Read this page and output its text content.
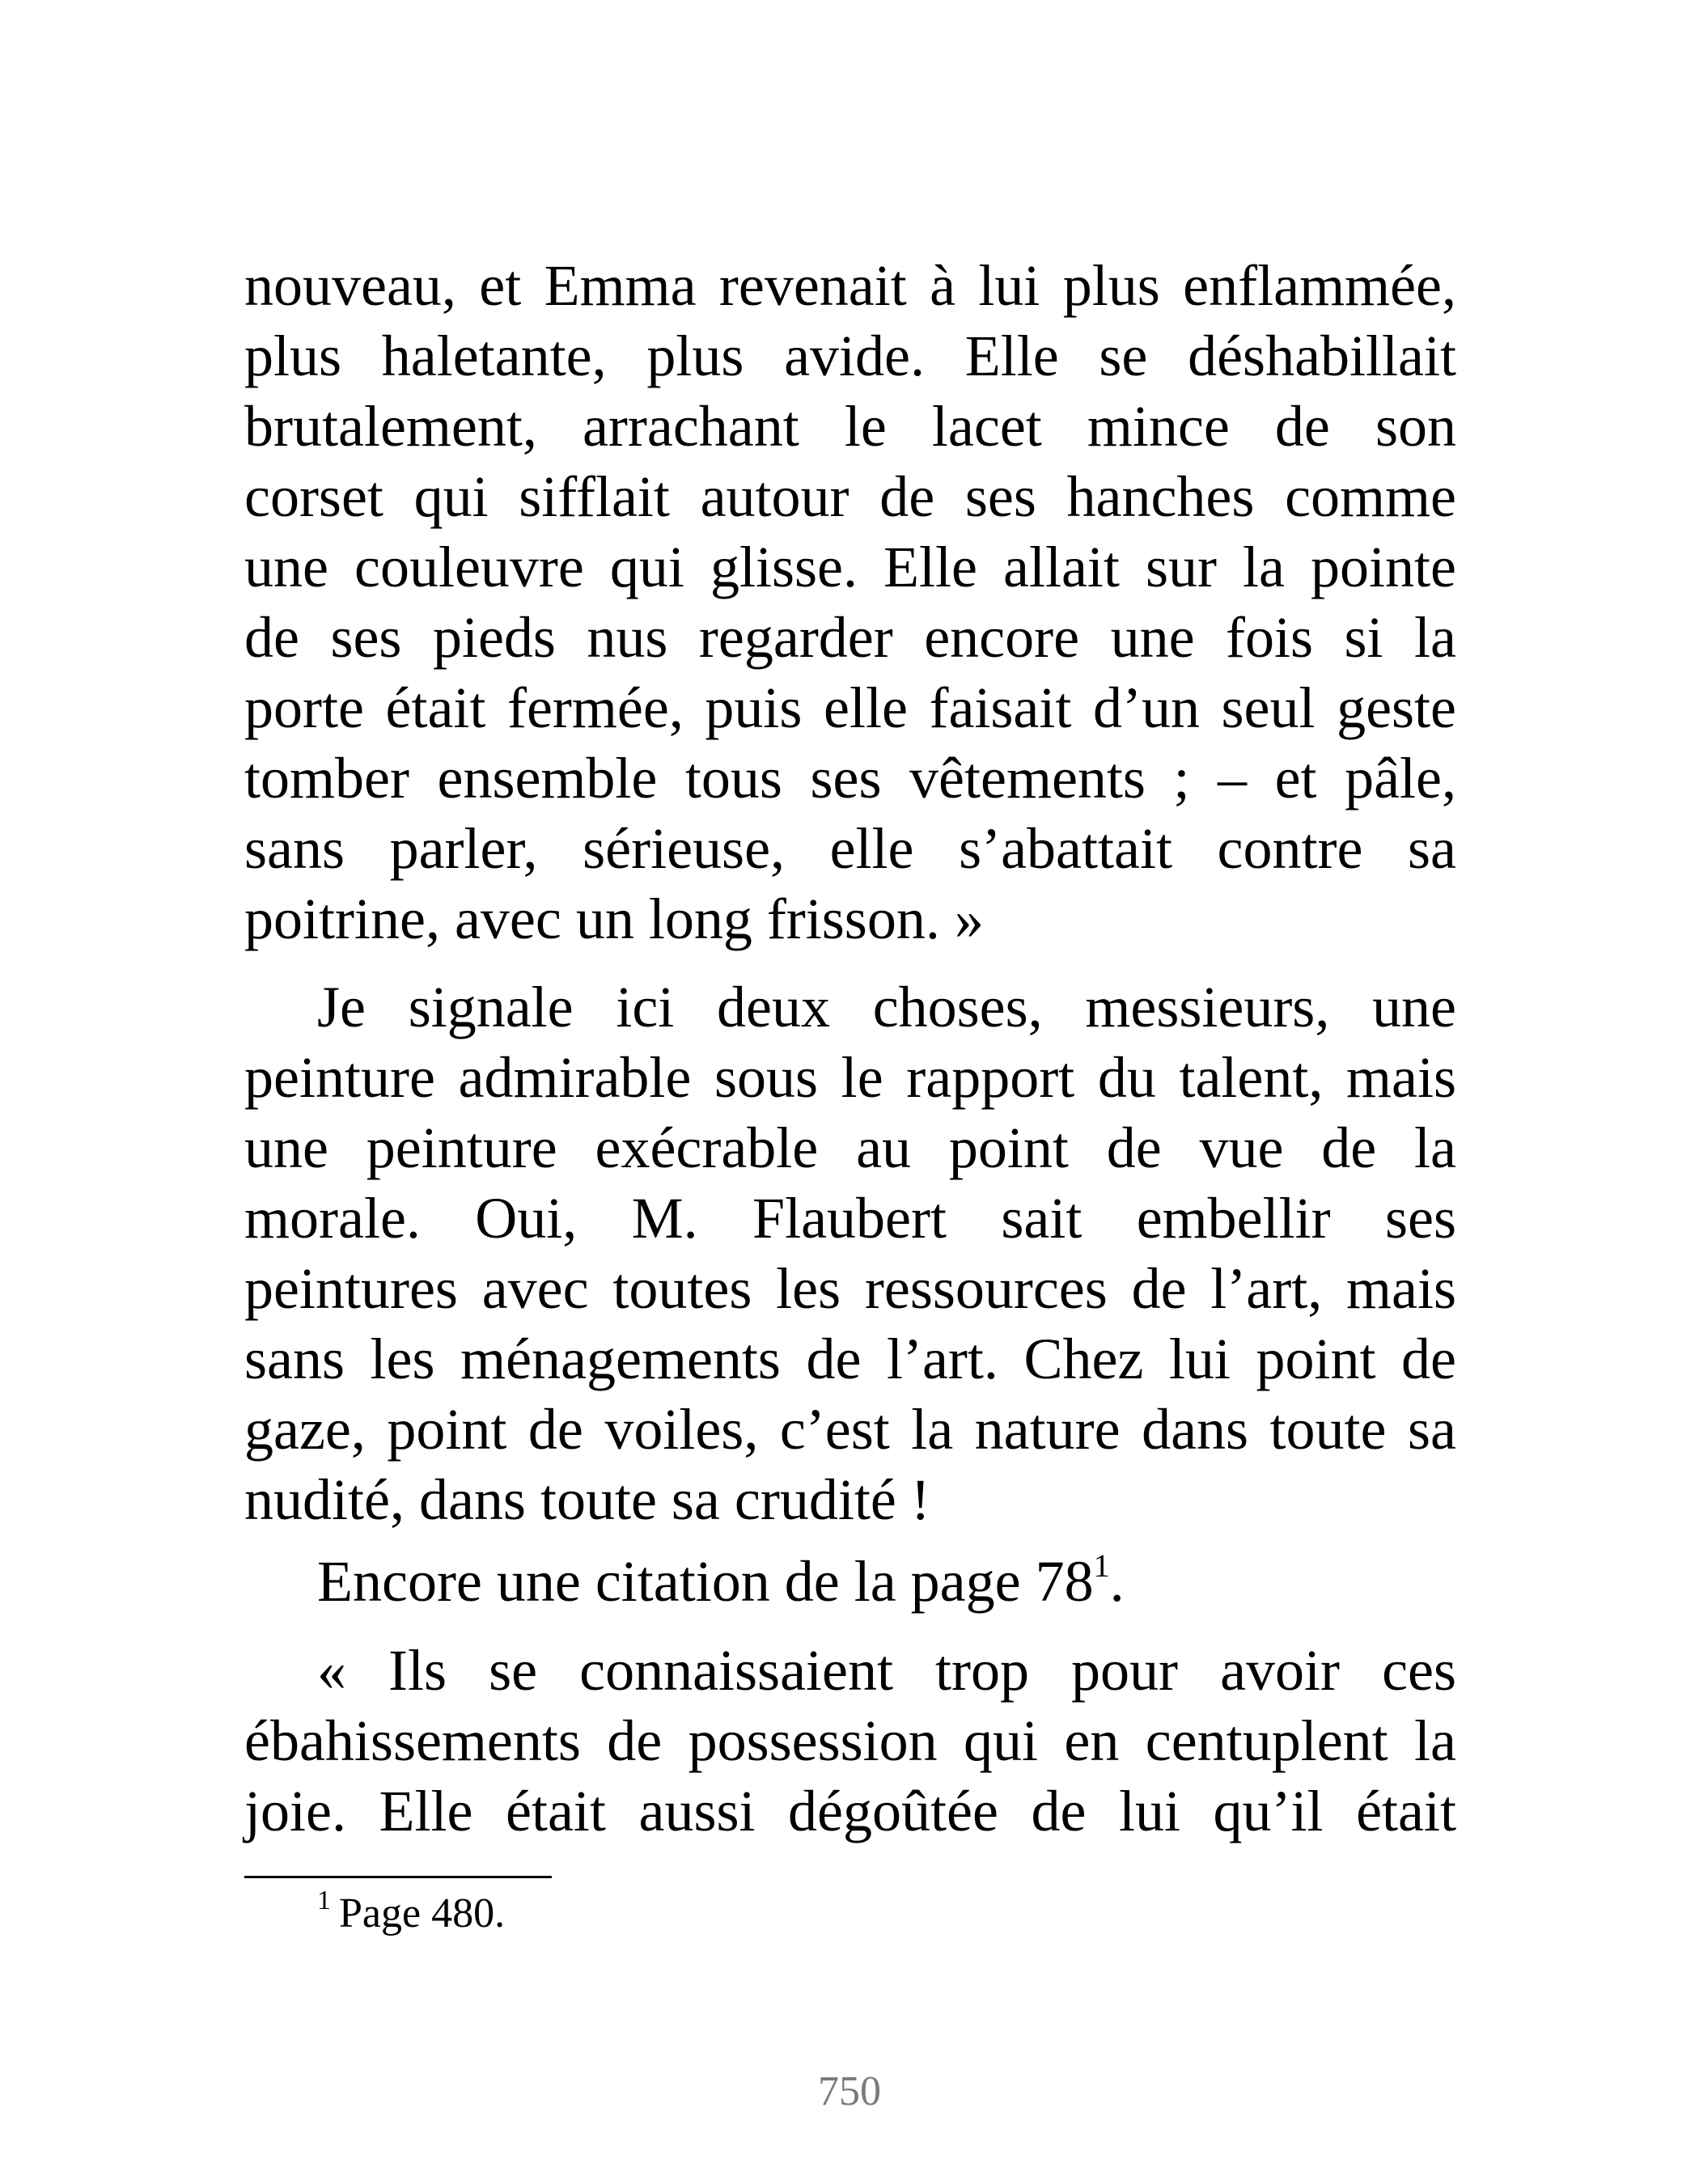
nouveau, et Emma revenait à lui plus enflammée,
plus haletante, plus avide. Elle se déshabillait
brutalement, arrachant le lacet mince de son
corset qui sifflait autour de ses hanches comme
une couleuvre qui glisse. Elle allait sur la pointe
de ses pieds nus regarder encore une fois si la
porte était fermée, puis elle faisait d’un seul geste
tomber ensemble tous ses vêtements ; – et pâle,
sans parler, sérieuse, elle s’abattait contre sa
poitrine, avec un long frisson. »
Je signale ici deux choses, messieurs, une
peinture admirable sous le rapport du talent, mais
une peinture exécrable au point de vue de la
morale. Oui, M. Flaubert sait embellir ses
peintures avec toutes les ressources de l’art, mais
sans les ménagements de l’art. Chez lui point de
gaze, point de voiles, c’est la nature dans toute sa
nudité, dans toute sa crudité !
Encore une citation de la page 78$^1$.
« Ils se connaissaient trop pour avoir ces
ébahissements de possession qui en centuplent la
joie. Elle était aussi dégoûtée de lui qu’il était
$^1$ Page 480.
750
